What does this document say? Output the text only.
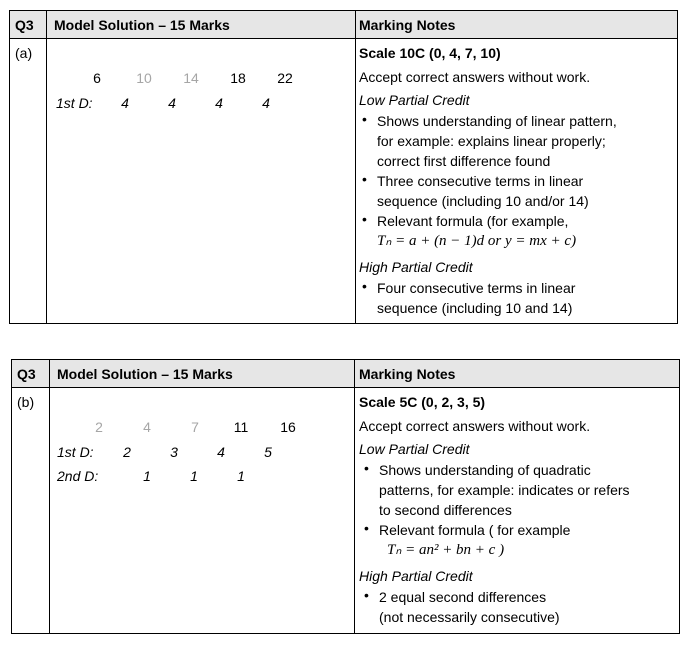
Q3 Model Solution – 15 Marks	Marking Notes
(a)
6	10	14	18	22
1st D:	4	4	4	4
Scale 10C (0, 4, 7, 10)
Accept correct answers without work.
Low Partial Credit
• Shows understanding of linear pattern,
for example: explains linear properly;
correct first difference found
• Three consecutive terms in linear
sequence (including 10 and/or 14)
• Relevant formula (for example,
Tₙ = a + (n − 1)d or y = mx + c)
High Partial Credit
• Four consecutive terms in linear
sequence (including 10 and 14)
Q3 Model Solution – 15 Marks	Marking Notes
(b)
2	4	7	11	16
1st D:	2	3	4	5
2nd D:	1	1	1
Scale 5C (0, 2, 3, 5)
Accept correct answers without work.
Low Partial Credit
• Shows understanding of quadratic
patterns, for example: indicates or refers
to second differences
• Relevant formula ( for example
Tₙ = an² + bn + c )
High Partial Credit
• 2 equal second differences
(not necessarily consecutive)
